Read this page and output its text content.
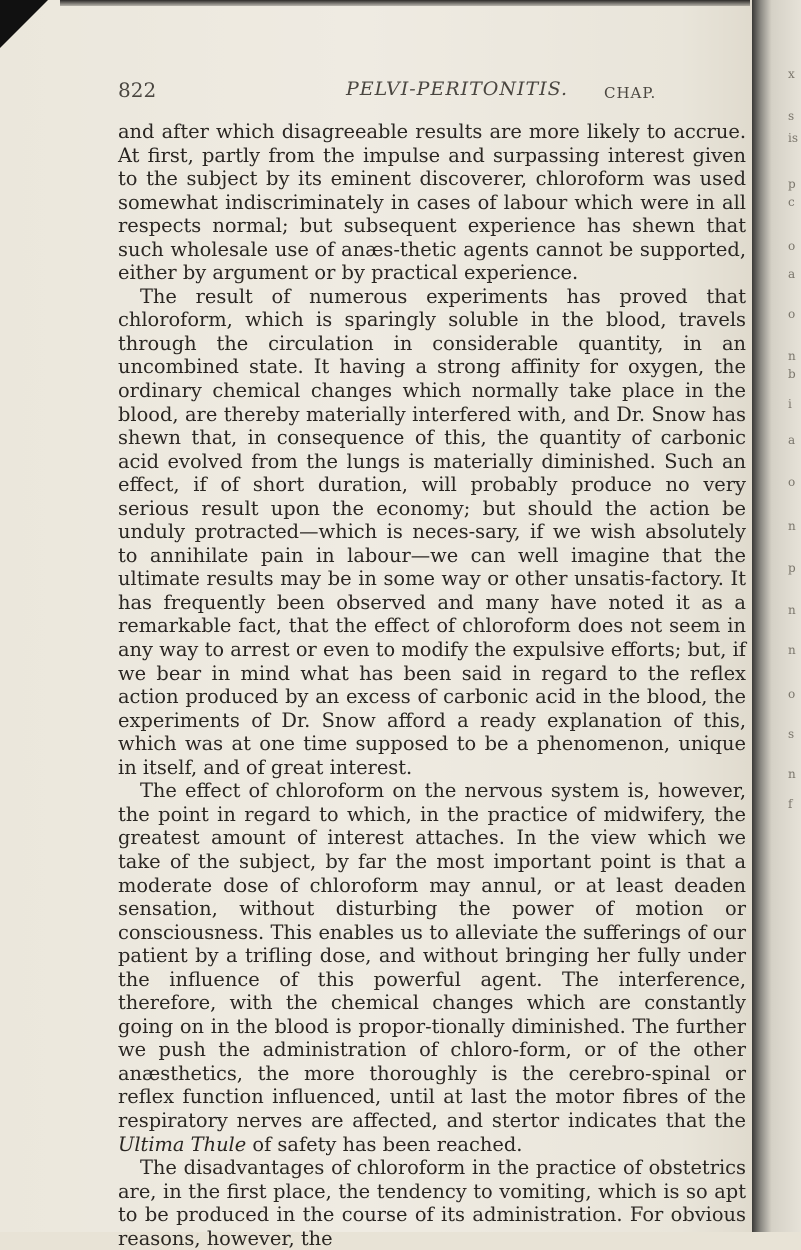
x
s
is
p
c
o
a
o
n
b
i
a
o
n
p
n
n
o
s
n
f
822	PELVI-PERITONITIS. CHAP.

and after which disagreeable results are more likely to accrue. At first, partly from the impulse and surpassing interest given to the subject by its eminent discoverer, chloroform was used somewhat indiscriminately in cases of labour which were in all respects normal; but subsequent experience has shewn that such wholesale use of anæs-thetic agents cannot be supported, either by argument or by practical experience.

The result of numerous experiments has proved that chloroform, which is sparingly soluble in the blood, travels through the circulation in considerable quantity, in an uncombined state. It having a strong affinity for oxygen, the ordinary chemical changes which normally take place in the blood, are thereby materially interfered with, and Dr. Snow has shewn that, in consequence of this, the quantity of carbonic acid evolved from the lungs is materially diminished. Such an effect, if of short duration, will probably produce no very serious result upon the economy; but should the action be unduly protracted—which is neces-sary, if we wish absolutely to annihilate pain in labour—we can well imagine that the ultimate results may be in some way or other unsatis-factory. It has frequently been observed and many have noted it as a remarkable fact, that the effect of chloroform does not seem in any way to arrest or even to modify the expulsive efforts; but, if we bear in mind what has been said in regard to the reflex action produced by an excess of carbonic acid in the blood, the experiments of Dr. Snow afford a ready explanation of this, which was at one time supposed to be a phenomenon, unique in itself, and of great interest.

The effect of chloroform on the nervous system is, however, the point in regard to which, in the practice of midwifery, the greatest amount of interest attaches. In the view which we take of the subject, by far the most important point is that a moderate dose of chloroform may annul, or at least deaden sensation, without disturbing the power of motion or consciousness. This enables us to alleviate the sufferings of our patient by a trifling dose, and without bringing her fully under the influence of this powerful agent. The interference, therefore, with the chemical changes which are constantly going on in the blood is propor-tionally diminished. The further we push the administration of chloro-form, or of the other anæsthetics, the more thoroughly is the cerebro-spinal or reflex function influenced, until at last the motor fibres of the respiratory nerves are affected, and stertor indicates that the Ultima Thule of safety has been reached.

The disadvantages of chloroform in the practice of obstetrics are, in the first place, the tendency to vomiting, which is so apt to be produced in the course of its administration. For obvious reasons, however, the
